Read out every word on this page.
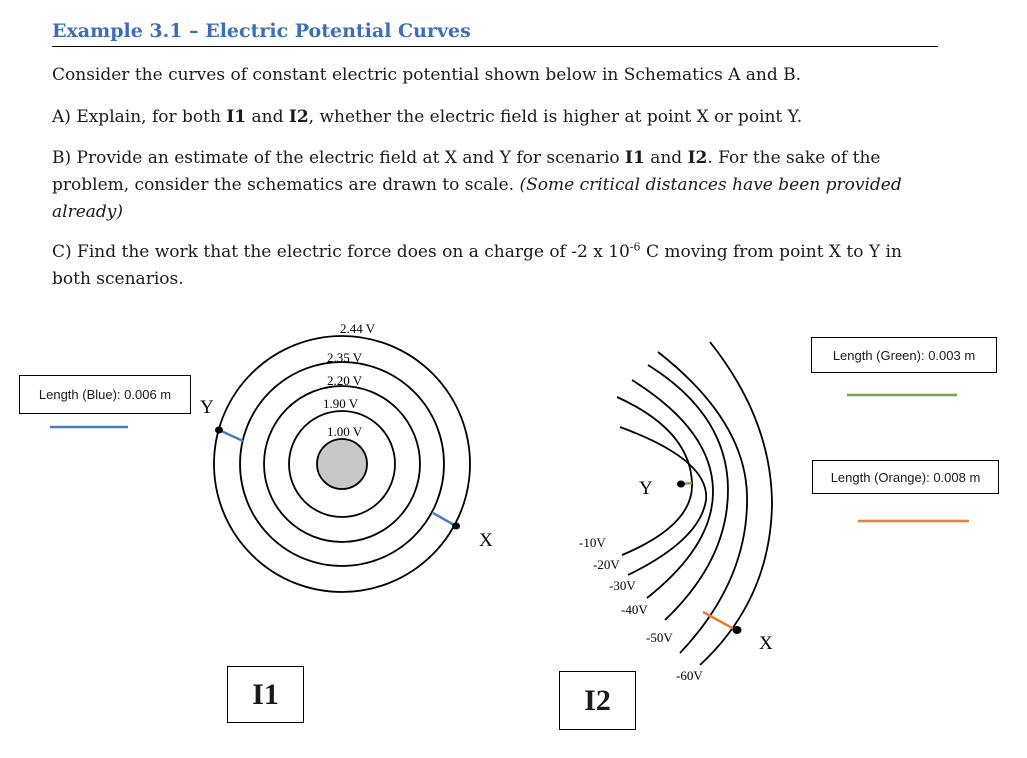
Example 3.1 – Electric Potential Curves
Consider the curves of constant electric potential shown below in Schematics A and B.
A) Explain, for both I1 and I2, whether the electric field is higher at point X or point Y.
B) Provide an estimate of the electric field at X and Y for scenario I1 and I2. For the sake of the problem, consider the schematics are drawn to scale. (Some critical distances have been provided already)
C) Find the work that the electric force does on a charge of -2 x $10^{-6}$ C moving from point X to Y in both scenarios.
2.44 V
2.35 V
2.20 V
1.90 V
1.00 V
Y
X
Length (Blue): 0.006 m
I1
Y
X
-10V
-20V
-30V
-40V
-50V
-60V
Length (Green): 0.003 m
Length (Orange): 0.008 m
I2
